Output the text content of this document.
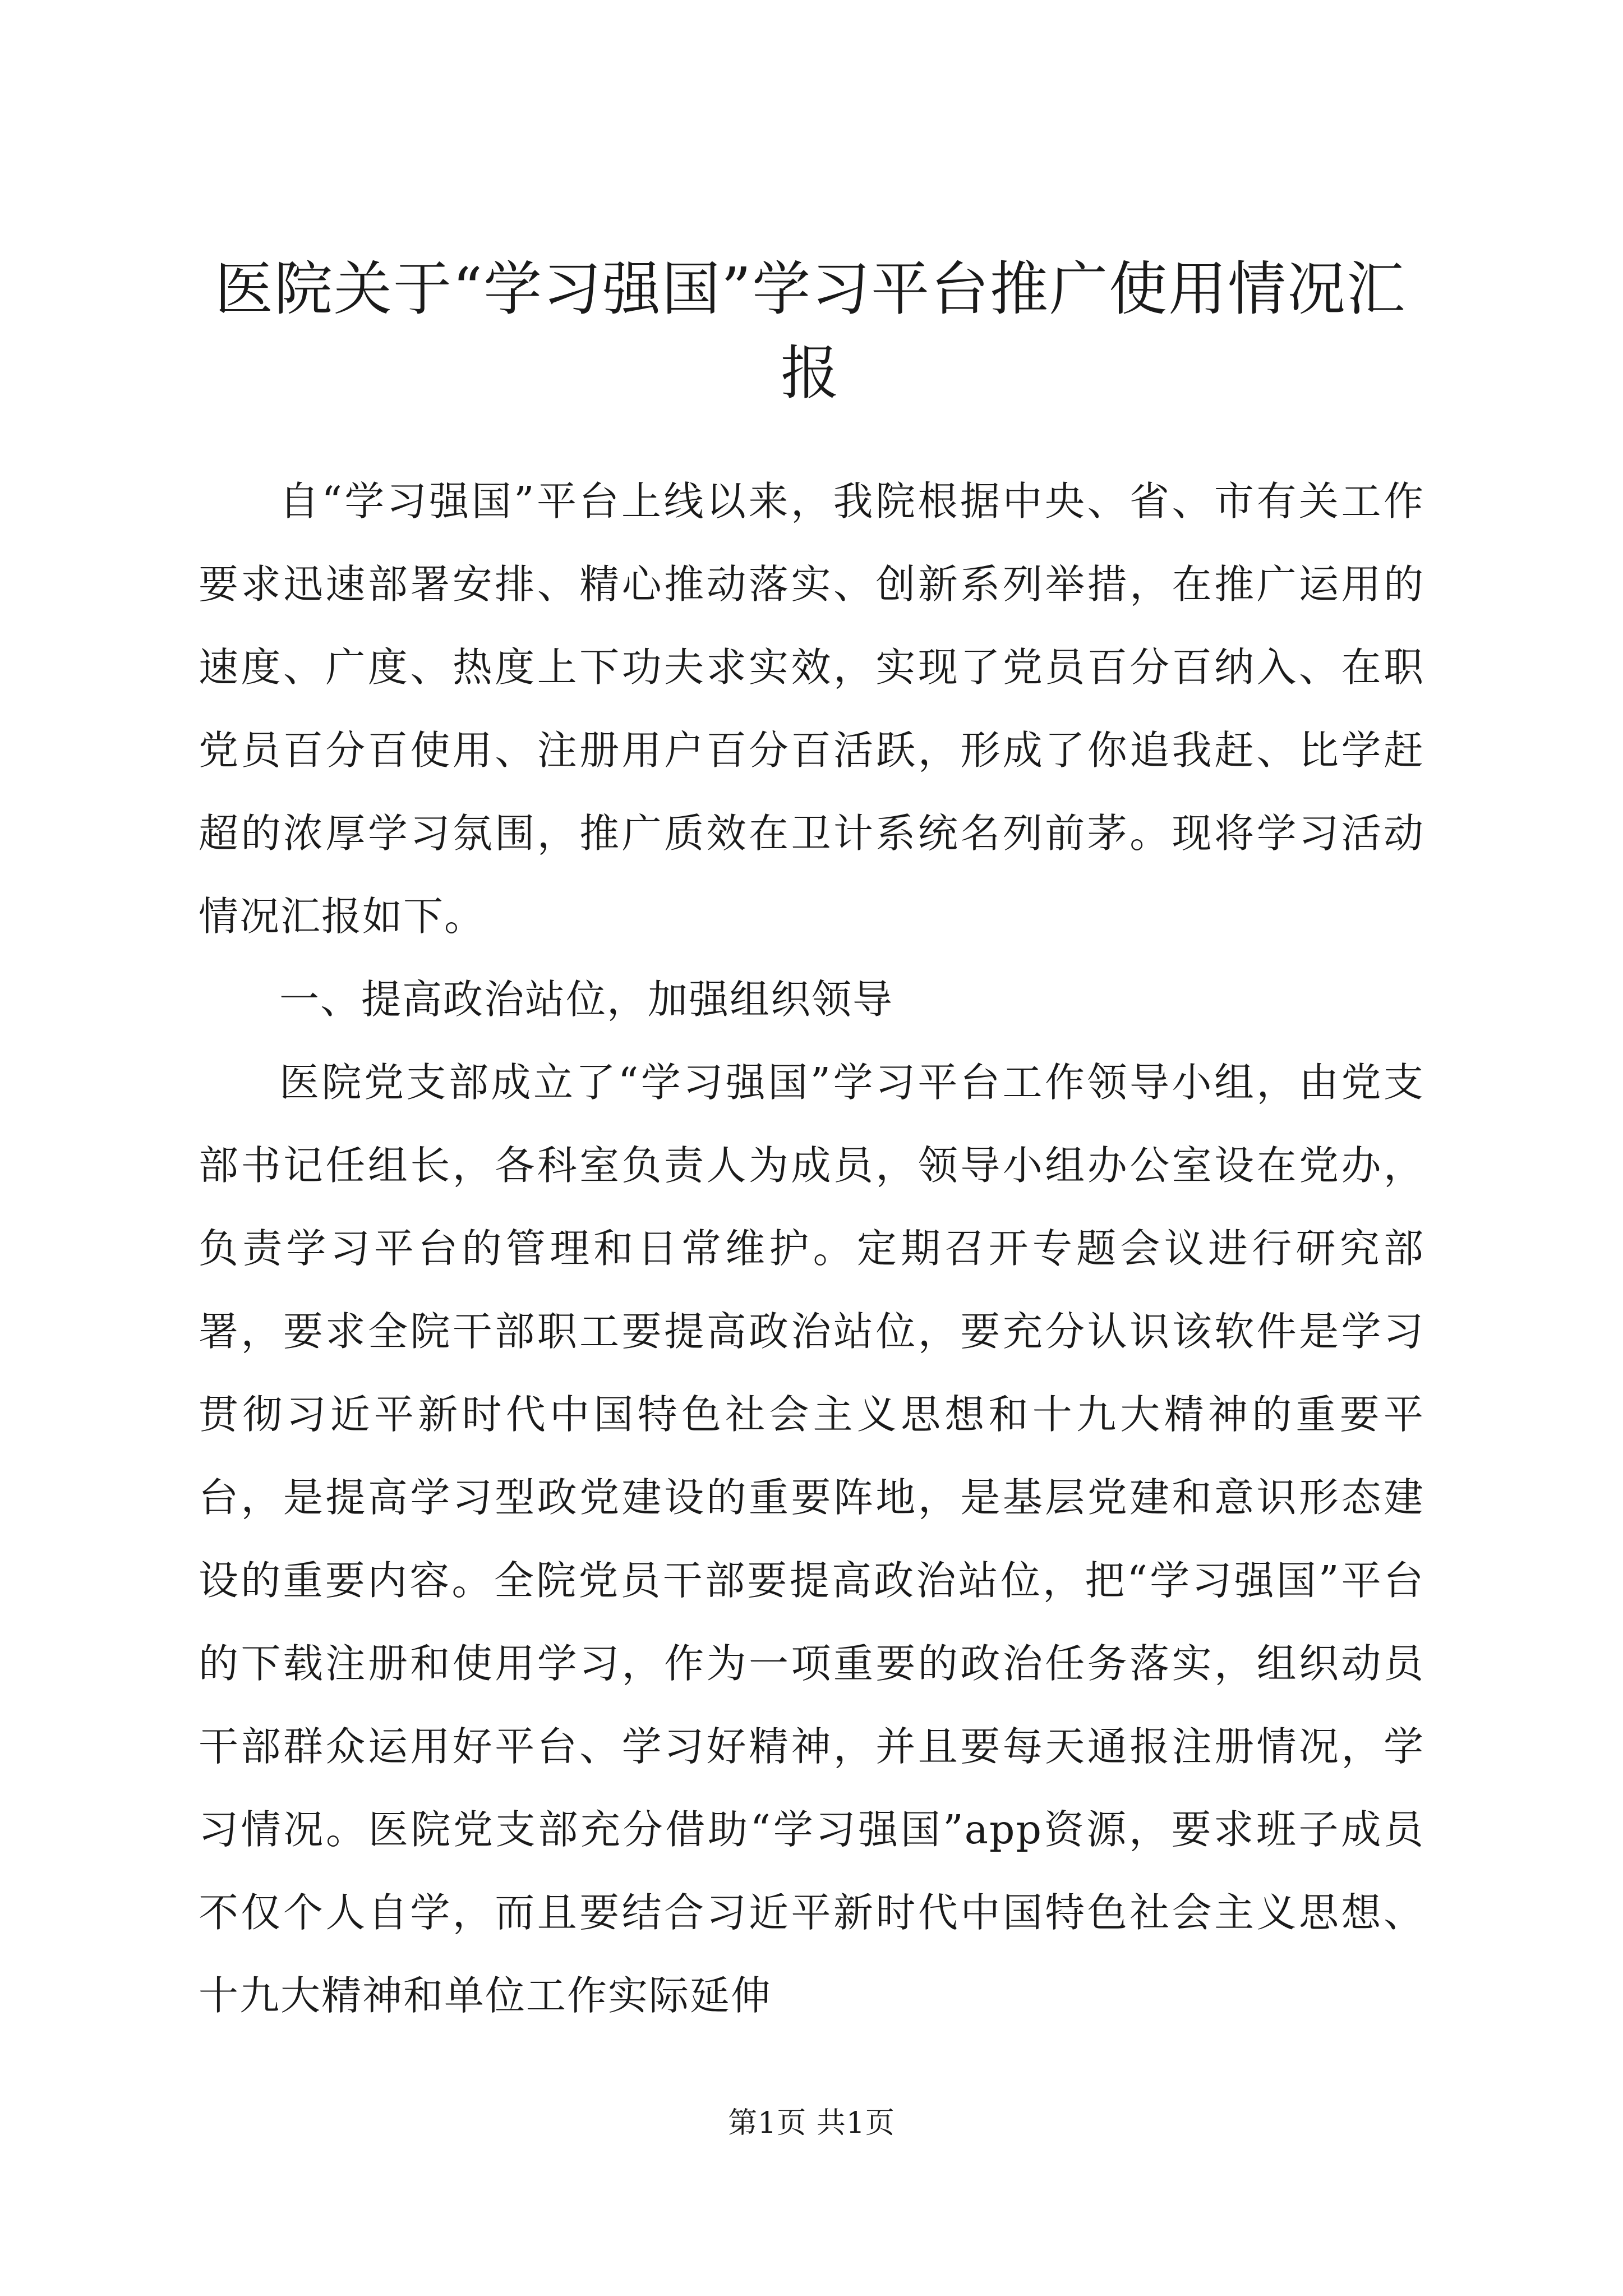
医院关于“学习强国”学习平台推广使用情况汇报

自“学习强国”平台上线以来，我院根据中央、省、市有关工作要求迅速部署安排、精心推动落实、创新系列举措，在推广运用的速度、广度、热度上下功夫求实效，实现了党员百分百纳入、在职党员百分百使用、注册用户百分百活跃，形成了你追我赶、比学赶超的浓厚学习氛围，推广质效在卫计系统名列前茅。现将学习活动情况汇报如下。

一、提高政治站位，加强组织领导

医院党支部成立了“学习强国”学习平台工作领导小组，由党支部书记任组长，各科室负责人为成员，领导小组办公室设在党办，负责学习平台的管理和日常维护。定期召开专题会议进行研究部署，要求全院干部职工要提高政治站位，要充分认识该软件是学习贯彻习近平新时代中国特色社会主义思想和十九大精神的重要平台，是提高学习型政党建设的重要阵地，是基层党建和意识形态建设的重要内容。全院党员干部要提高政治站位，把“学习强国”平台的下载注册和使用学习，作为一项重要的政治任务落实，组织动员干部群众运用好平台、学习好精神，并且要每天通报注册情况，学习情况。医院党支部充分借助“学习强国”app资源，要求班子成员不仅个人自学，而且要结合习近平新时代中国特色社会主义思想、十九大精神和单位工作实际延伸

第1页 共1页
